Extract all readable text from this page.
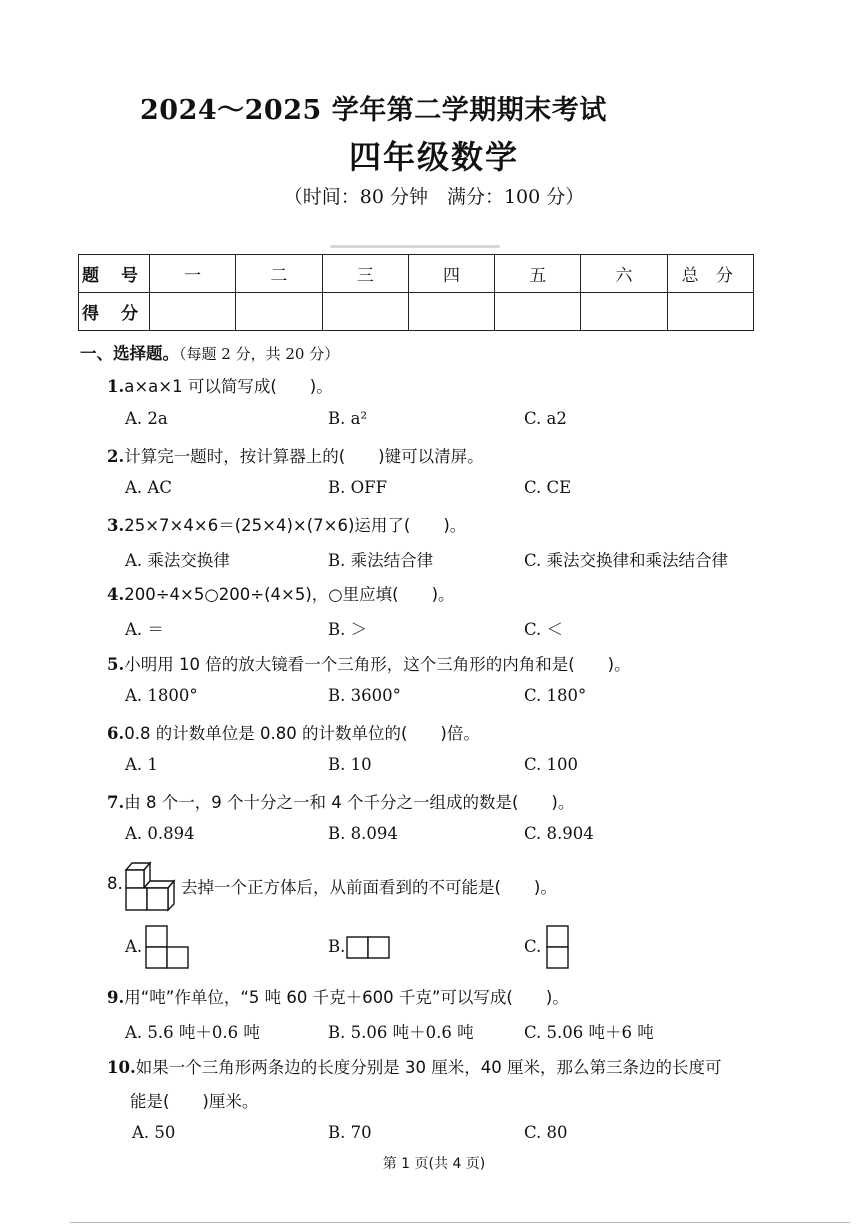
2024～2025 学年第二学期期末考试
四年级数学
（时间：80 分钟　满分：100 分）
题 号	一	二	三	四	五	六	总 分
得 分							
一、选择题。（每题 2 分，共 20 分）
1.a×a×1 可以简写成(　　)。
A. 2a	B. a²	C. a2
2.计算完一题时，按计算器上的(　　)键可以清屏。
A. AC	B. OFF	C. CE
3.25×7×4×6＝(25×4)×(7×6)运用了(　　)。
A. 乘法交换律	B. 乘法结合律	C. 乘法交换律和乘法结合律
4.200÷4×5○200÷(4×5)，○里应填(　　)。
A. ＝	B. ＞	C. ＜
5.小明用 10 倍的放大镜看一个三角形，这个三角形的内角和是(　　)。
A. 1800°	B. 3600°	C. 180°
6.0.8 的计数单位是 0.80 的计数单位的(　　)倍。
A. 1	B. 10	C. 100
7.由 8 个一，9 个十分之一和 4 个千分之一组成的数是(　　)。
A. 0.894	B. 8.094	C. 8.904
8.	去掉一个正方体后，从前面看到的不可能是(　　)。
A.	B.	C.
9.用“吨”作单位，“5 吨 60 千克＋600 千克”可以写成(　　)。
A. 5.6 吨＋0.6 吨	B. 5.06 吨＋0.6 吨	C. 5.06 吨＋6 吨
10.如果一个三角形两条边的长度分别是 30 厘米，40 厘米，那么第三条边的长度可
能是(　　)厘米。
A. 50	B. 70	C. 80
第 1 页(共 4 页)
